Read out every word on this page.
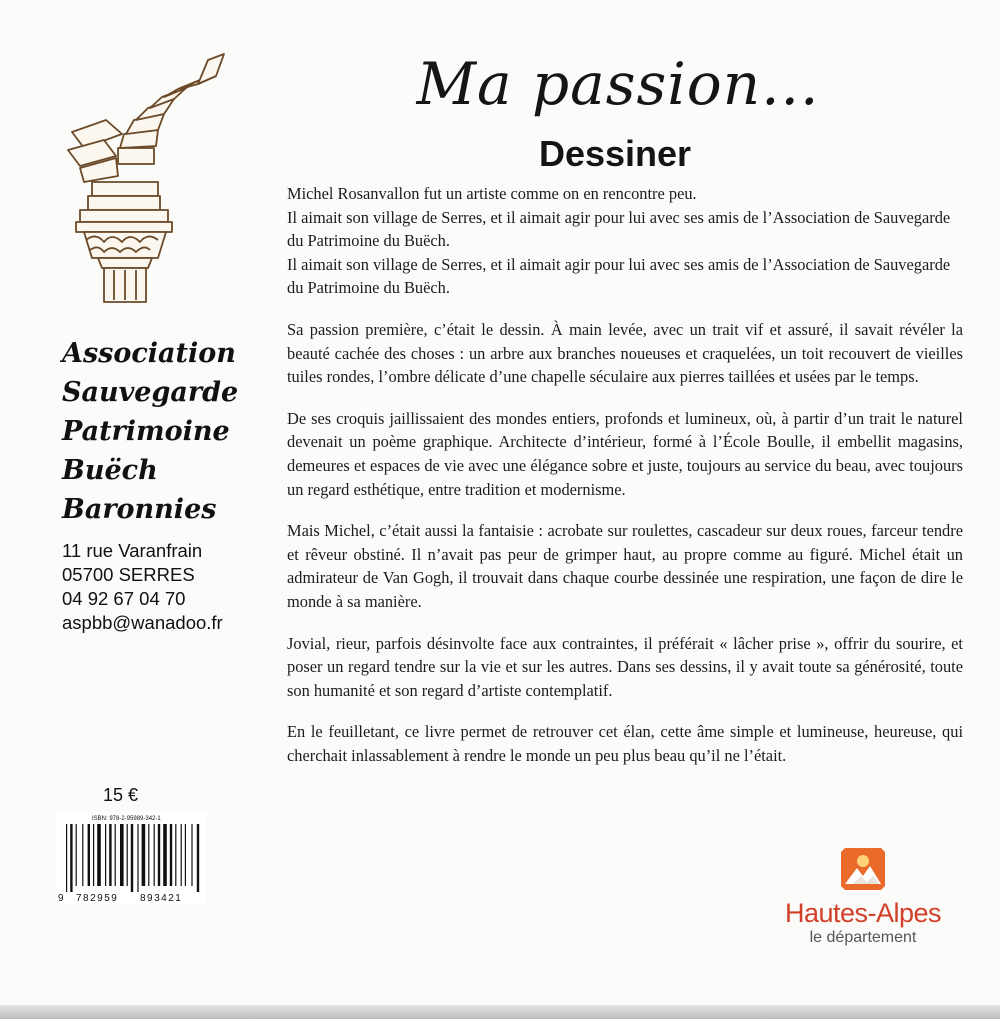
Association
Sauvegarde
Patrimoine
Buëch
Baronnies
11 rue Varanfrain
05700 SERRES
04 92 67 04 70
aspbb@wanadoo.fr
15 €
ISBN: 978-2-95989-342-1
9 782959 893421
Ma passion...
Dessiner

Michel Rosanvallon fut un artiste comme on en rencontre peu.
Il aimait son village de Serres, et il aimait agir pour lui avec ses amis de l’Association de Sauvegarde du Patrimoine du Buëch.
Il aimait son village de Serres, et il aimait agir pour lui avec ses amis de l’Association de Sauvegarde du Patrimoine du Buëch.

Sa passion première, c’était le dessin. À main levée, avec un trait vif et assuré, il savait révéler la beauté cachée des choses : un arbre aux branches noueuses et craquelées, un toit recouvert de vieilles tuiles rondes, l’ombre délicate d’une chapelle séculaire aux pierres taillées et usées par le temps.

De ses croquis jaillissaient des mondes entiers, profonds et lumineux, où, à partir d’un trait le naturel devenait un poème graphique. Architecte d’intérieur, formé à l’École Boulle, il embellit magasins, demeures et espaces de vie avec une élégance sobre et juste, toujours au service du beau, avec toujours un regard esthétique, entre tradition et modernisme.

Mais Michel, c’était aussi la fantaisie : acrobate sur roulettes, cascadeur sur deux roues, farceur tendre et rêveur obstiné. Il n’avait pas peur de grimper haut, au propre comme au figuré. Michel était un admirateur de Van Gogh, il trouvait dans chaque courbe dessinée une respiration, une façon de dire le monde à sa manière.

Jovial, rieur, parfois désinvolte face aux contraintes, il préférait « lâcher prise », offrir du sourire, et poser un regard tendre sur la vie et sur les autres. Dans ses dessins, il y avait toute sa générosité, toute son humanité et son regard d’artiste contemplatif.

En le feuilletant, ce livre permet de retrouver cet élan, cette âme simple et lumineuse, heureuse, qui cherchait inlassablement à rendre le monde un peu plus beau qu’il ne l’était.

Hautes-Alpes
le département
